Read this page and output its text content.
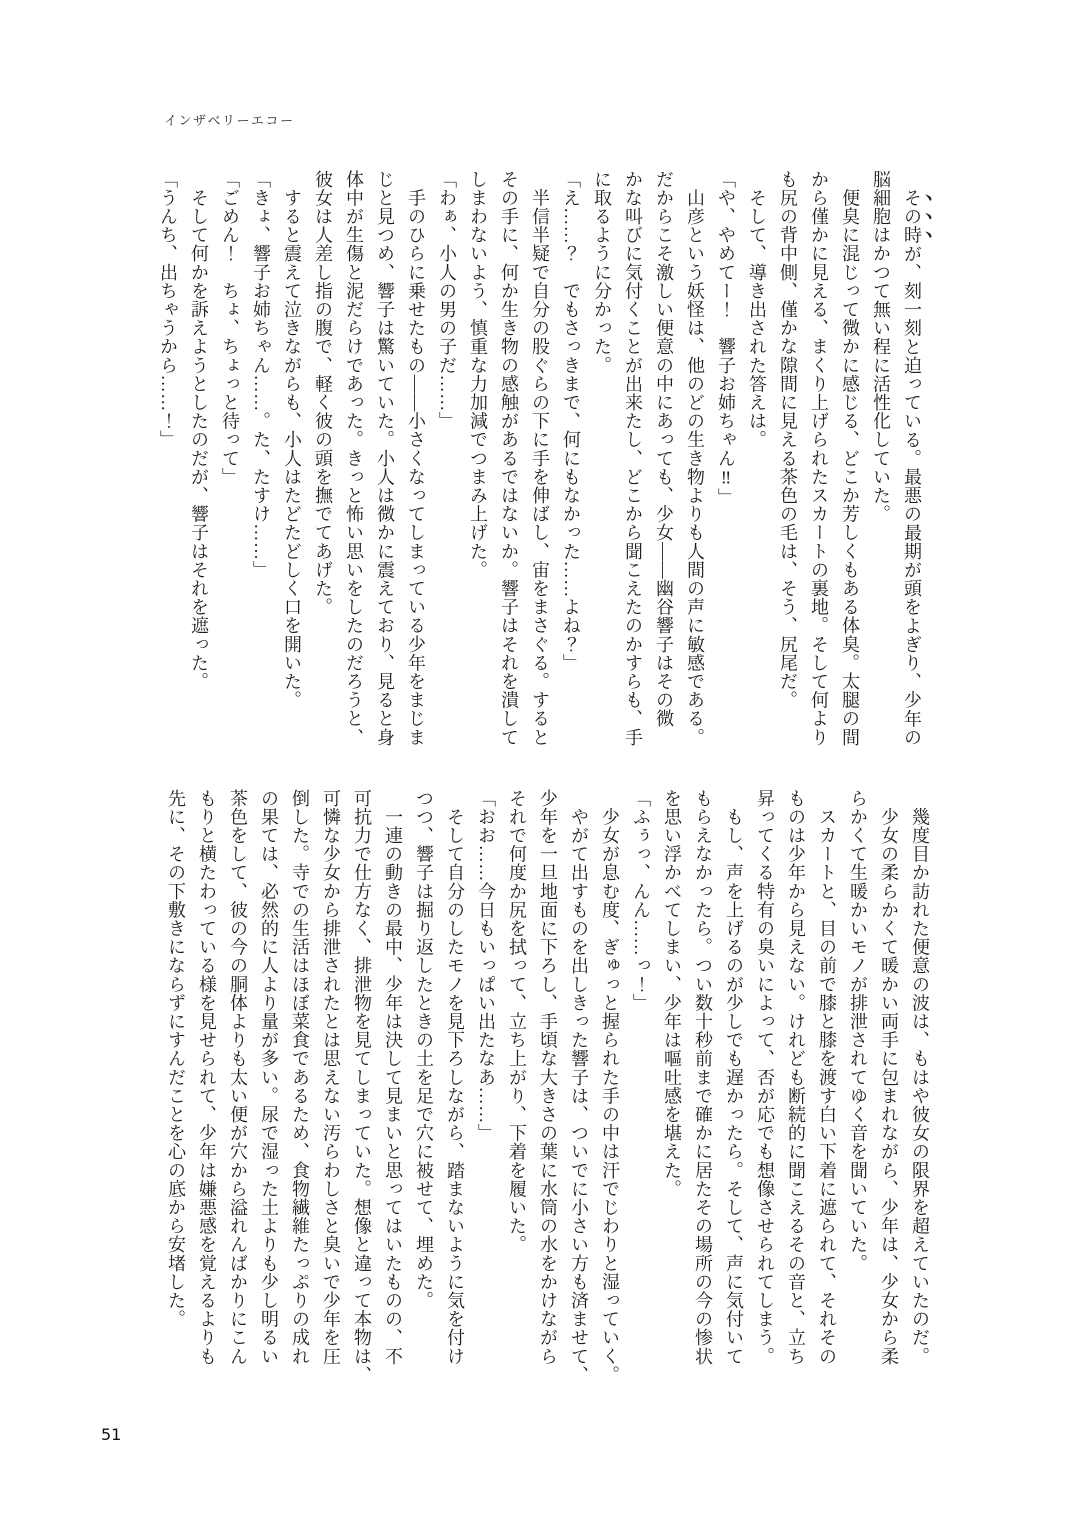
インザベリーエコー
　その時が、刻一刻と迫っている。最悪の最期が頭をよぎり、少年の
脳細胞はかつて無い程に活性化していた。
　便臭に混じって微かに感じる、どこか芳しくもある体臭。太腿の間
から僅かに見える、まくり上げられたスカートの裏地。そして何より
も尻の背中側、僅かな隙間に見える茶色の毛は、そう、尻尾だ。
　そして、導き出された答えは。
「や、やめてー！　響子お姉ちゃん‼」
　山彦という妖怪は、他のどの生き物よりも人間の声に敏感である。
だからこそ激しい便意の中にあっても、少女――幽谷響子はその微
かな叫びに気付くことが出来たし、どこから聞こえたのかすらも、手
に取るように分かった。
「え……？　でもさっきまで、何にもなかった……よね？」
　半信半疑で自分の股ぐらの下に手を伸ばし、宙をまさぐる。すると
その手に、何か生き物の感触があるではないか。響子はそれを潰して
しまわないよう、慎重な力加減でつまみ上げた。
「わぁ、小人の男の子だ……」
　手のひらに乗せたもの――小さくなってしまっている少年をまじま
じと見つめ、響子は驚いていた。小人は微かに震えており、見ると身
体中が生傷と泥だらけであった。きっと怖い思いをしたのだろうと、
彼女は人差し指の腹で、軽く彼の頭を撫でてあげた。
　すると震えて泣きながらも、小人はたどたどしく口を開いた。
「きょ、響子お姉ちゃん……。た、たすけ……」
「ごめん！　ちょ、ちょっと待って」
　そして何かを訴えようとしたのだが、響子はそれを遮った。
「うんち、出ちゃうから……！」
　幾度目か訪れた便意の波は、もはや彼女の限界を超えていたのだ。
　少女の柔らかくて暖かい両手に包まれながら、少年は、少女から柔
らかくて生暖かいモノが排泄されてゆく音を聞いていた。
　スカートと、目の前で膝と膝を渡す白い下着に遮られて、それその
ものは少年から見えない。けれども断続的に聞こえるその音と、立ち
昇ってくる特有の臭いによって、否が応でも想像させられてしまう。
　もし、声を上げるのが少しでも遅かったら。そして、声に気付いて
もらえなかったら。つい数十秒前まで確かに居たその場所の今の惨状
を思い浮かべてしまい、少年は嘔吐感を堪えた。
「ふぅっ、んん……っ！」
　少女が息む度、ぎゅっと握られた手の中は汗でじわりと湿っていく。
　やがて出すものを出しきった響子は、ついでに小さい方も済ませて、
少年を一旦地面に下ろし、手頃な大きさの葉に水筒の水をかけながら
それで何度か尻を拭って、立ち上がり、下着を履いた。
「おお……今日もいっぱい出たなあ……」
　そして自分のしたモノを見下ろしながら、踏まないように気を付け
つつ、響子は掘り返したときの土を足で穴に被せて、埋めた。
　一連の動きの最中、少年は決して見まいと思ってはいたものの、不
可抗力で仕方なく、排泄物を見てしまっていた。想像と違って本物は、
可憐な少女から排泄されたとは思えない汚らわしさと臭いで少年を圧
倒した。寺での生活はほぼ菜食であるため、食物繊維たっぷりの成れ
の果ては、必然的に人より量が多い。尿で湿った土よりも少し明るい
茶色をして、彼の今の胴体よりも太い便が穴から溢れんばかりにこん
もりと横たわっている様を見せられて、少年は嫌悪感を覚えるよりも
先に、その下敷きにならずにすんだことを心の底から安堵した。
51
